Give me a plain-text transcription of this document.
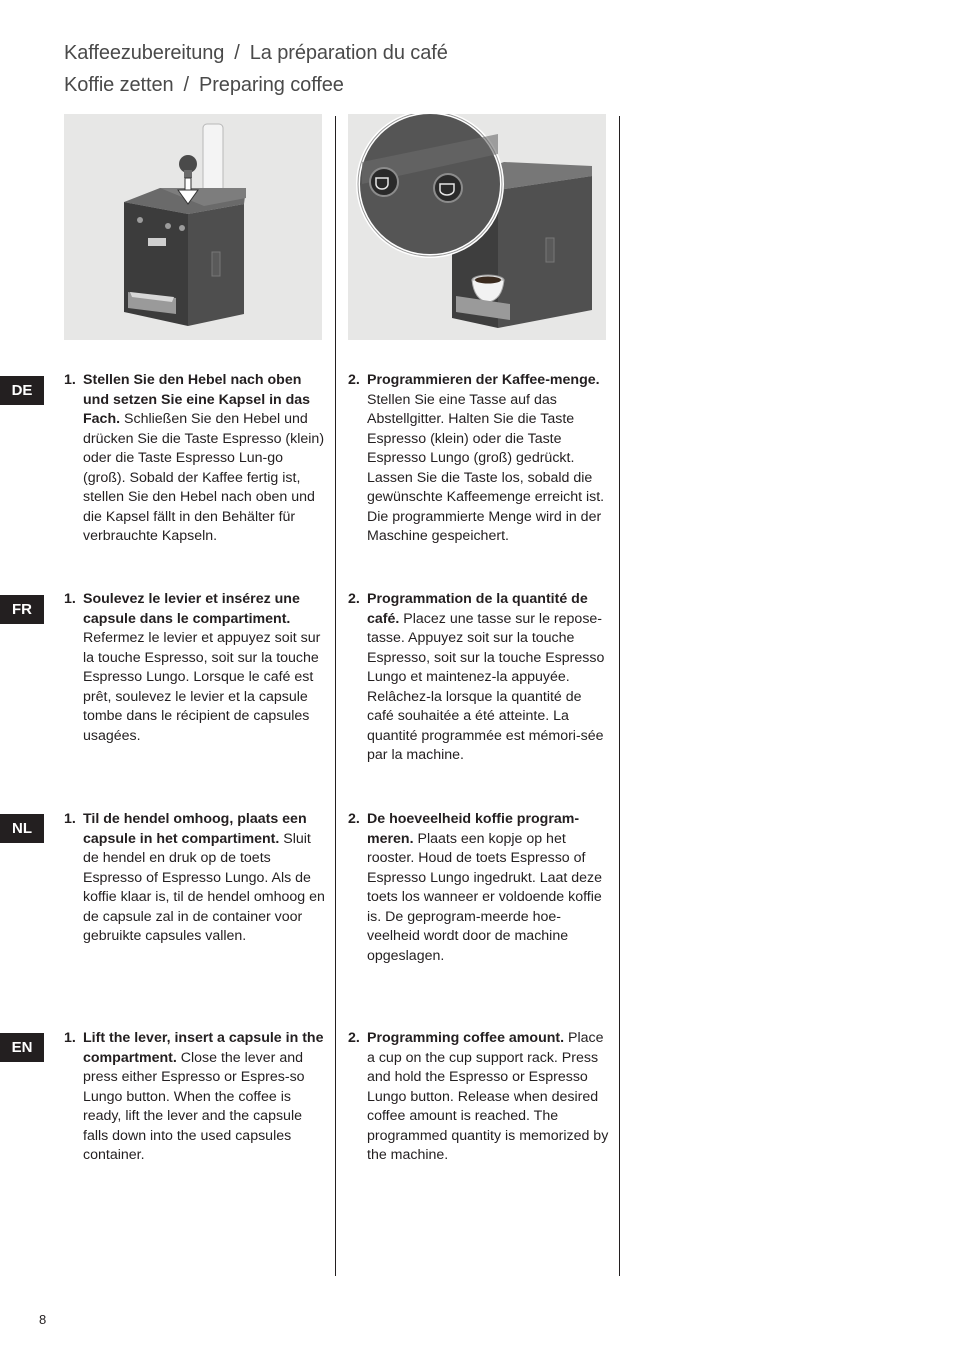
Kaffeezubereitung / La préparation du café
Koffie zetten / Preparing coffee
DE
1. Stellen Sie den Hebel nach oben und setzen Sie eine Kapsel in das Fach. Schließen Sie den Hebel und drücken Sie die Taste Espresso (klein) oder die Taste Espresso Lun-go (groß). Sobald der Kaffee fertig ist, stellen Sie den Hebel nach oben und die Kapsel fällt in den Behälter für verbrauchte Kapseln.
2. Programmieren der Kaffee-menge. Stellen Sie eine Tasse auf das Abstellgitter. Halten Sie die Taste Espresso (klein) oder die Taste Espresso Lungo (groß) gedrückt. Lassen Sie die Taste los, sobald die gewünschte Kaffeemenge erreicht ist. Die programmierte Menge wird in der Maschine gespeichert.
FR
1. Soulevez le levier et insérez une capsule dans le compartiment. Refermez le levier et appuyez soit sur la touche Espresso, soit sur la touche Espresso Lungo. Lorsque le café est prêt, soulevez le levier et la capsule tombe dans le récipient de capsules usagées.
2. Programmation de la quantité de café. Placez une tasse sur le repose-tasse. Appuyez soit sur la touche Espresso, soit sur la touche Espresso Lungo et maintenez-la appuyée. Relâchez-la lorsque la quantité de café souhaitée a été atteinte. La quantité programmée est mémori-sée par la machine.
NL
1. Til de hendel omhoog, plaats een capsule in het compartiment. Sluit de hendel en druk op de toets Espresso of Espresso Lungo. Als de koffie klaar is, til de hendel omhoog en de capsule zal in de container voor gebruikte capsules vallen.
2. De hoeveelheid koffie program-meren. Plaats een kopje op het rooster. Houd de toets Espresso of Espresso Lungo ingedrukt. Laat deze toets los wanneer er voldoende koffie is. De geprogram-meerde hoe-veelheid wordt door de machine opgeslagen.
EN
1. Lift the lever, insert a capsule in the compartment. Close the lever and press either Espresso or Espres-so Lungo button. When the coffee is ready, lift the lever and the capsule falls down into the used capsules container.
2. Programming coffee amount. Place a cup on the cup support rack. Press and hold the Espresso or Espresso Lungo button. Release when desired coffee amount is reached. The programmed quantity is memorized by the machine.
8
